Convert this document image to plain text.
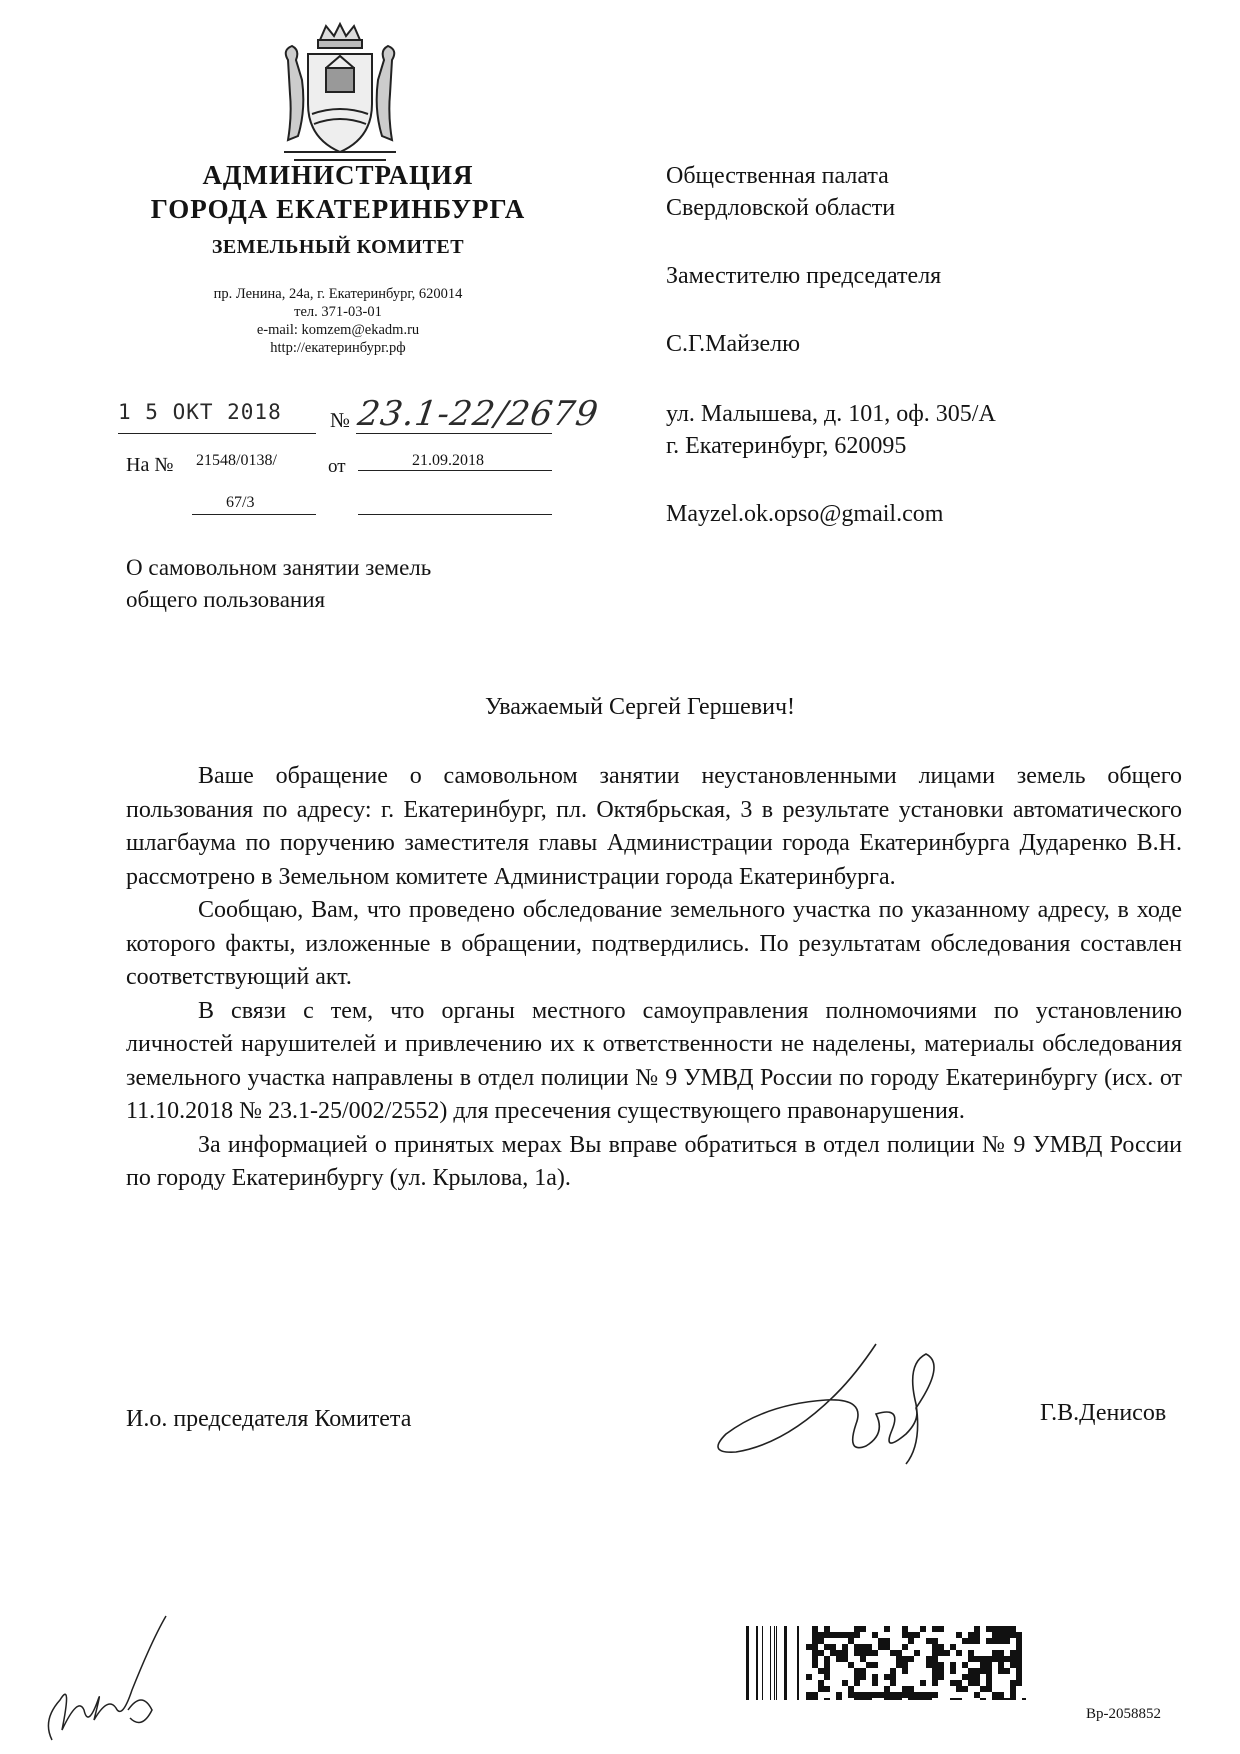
АДМИНИСТРАЦИЯ
ГОРОДА ЕКАТЕРИНБУРГА
ЗЕМЕЛЬНЫЙ КОМИТЕТ
пр. Ленина, 24а, г. Екатеринбург, 620014
тел. 371-03-01
e-mail: komzem@ekadm.ru
http://екатеринбург.рф
1 5 ОКТ 2018 № 23.1-22/2679
На № 21548/0138/	от	21.09.2018
67/3
О самовольном занятии земель
общего пользования
Общественная палата
Свердловской области
Заместителю председателя
С.Г.Майзелю
ул. Малышева, д. 101, оф. 305/А
г. Екатеринбург, 620095
Mayzel.ok.opso@gmail.com
Уважаемый Сергей Гершевич!

Ваше обращение о самовольном занятии неустановленными лицами земель общего пользования по адресу: г. Екатеринбург, пл. Октябрьская, 3 в результате установки автоматического шлагбаума по поручению заместителя главы Администрации города Екатеринбурга Дударенко В.Н. рассмотрено в Земельном комитете Администрации города Екатеринбурга.

Сообщаю, Вам, что проведено обследование земельного участка по указанному адресу, в ходе которого факты, изложенные в обращении, подтвердились. По результатам обследования составлен соответствующий акт.

В связи с тем, что органы местного самоуправления полномочиями по установлению личностей нарушителей и привлечению их к ответственности не наделены, материалы обследования земельного участка направлены в отдел полиции № 9 УМВД России по городу Екатеринбургу (исх. от 11.10.2018 № 23.1-25/002/2552) для пресечения существующего правонарушения.

За информацией о принятых мерах Вы вправе обратиться в отдел полиции № 9 УМВД России по городу Екатеринбургу (ул. Крылова, 1а).

И.о. председателя Комитета	Г.В.Денисов
Вр-2058852
